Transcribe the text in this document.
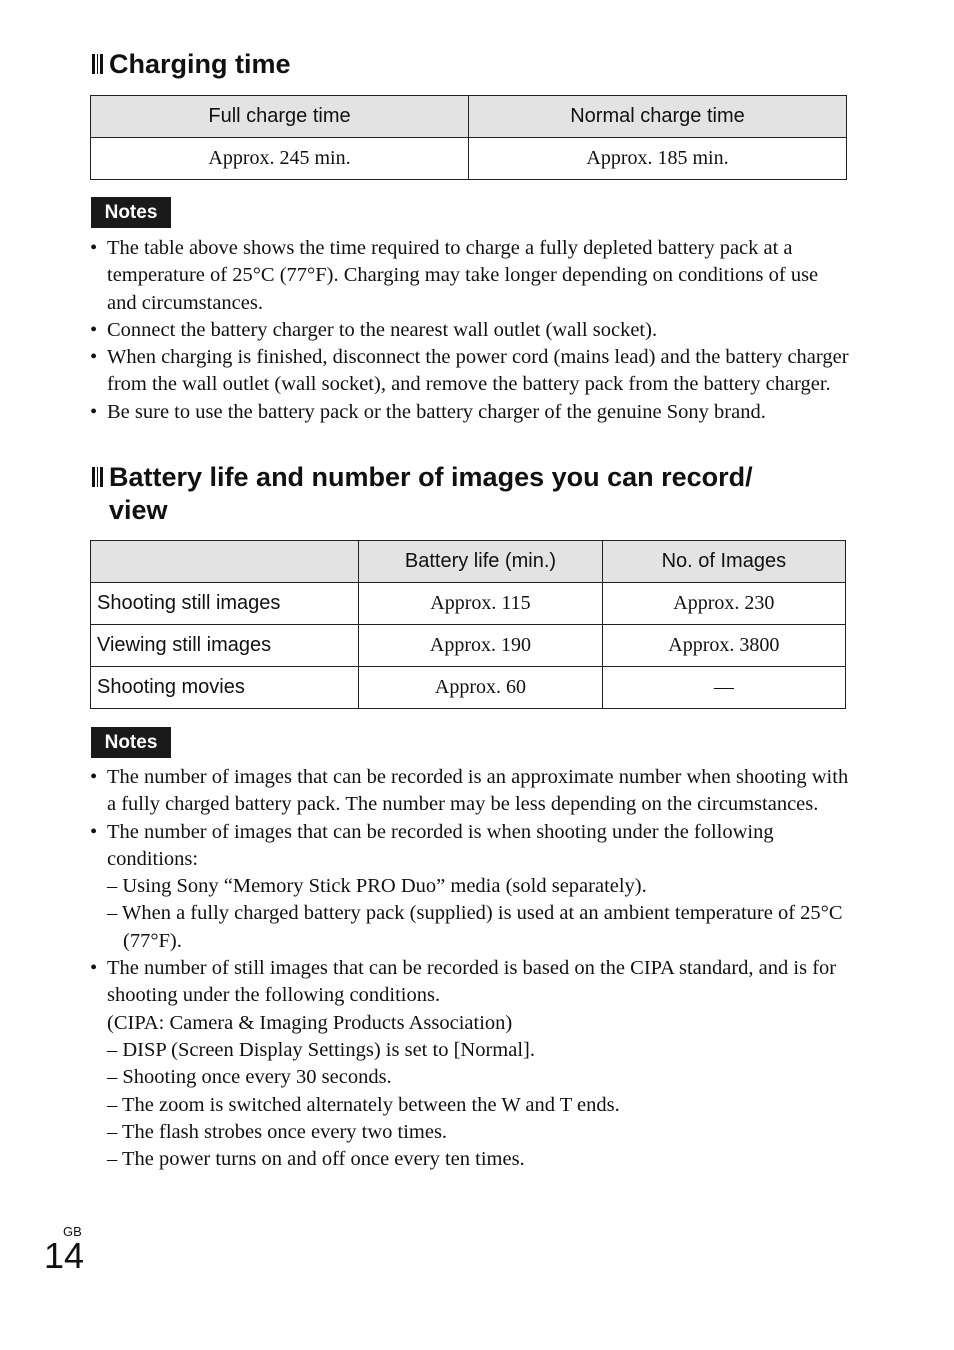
Charging time
Full charge time	Normal charge time
Approx. 245 min.	Approx. 185 min.
Notes
• The table above shows the time required to charge a fully depleted battery pack at a temperature of 25°C (77°F). Charging may take longer depending on conditions of use and circumstances.
• Connect the battery charger to the nearest wall outlet (wall socket).
• When charging is finished, disconnect the power cord (mains lead) and the battery charger from the wall outlet (wall socket), and remove the battery pack from the battery charger.
• Be sure to use the battery pack or the battery charger of the genuine Sony brand.
Battery life and number of images you can record/
view
	Battery life (min.)	No. of Images
Shooting still images	Approx. 115	Approx. 230
Viewing still images	Approx. 190	Approx. 3800
Shooting movies	Approx. 60	—
Notes
• The number of images that can be recorded is an approximate number when shooting with a fully charged battery pack. The number may be less depending on the circumstances.
• The number of images that can be recorded is when shooting under the following conditions:
– Using Sony “Memory Stick PRO Duo” media (sold separately).
– When a fully charged battery pack (supplied) is used at an ambient temperature of 25°C (77°F).
• The number of still images that can be recorded is based on the CIPA standard, and is for shooting under the following conditions.
(CIPA: Camera & Imaging Products Association)
– DISP (Screen Display Settings) is set to [Normal].
– Shooting once every 30 seconds.
– The zoom is switched alternately between the W and T ends.
– The flash strobes once every two times.
– The power turns on and off once every ten times.
GB
14
